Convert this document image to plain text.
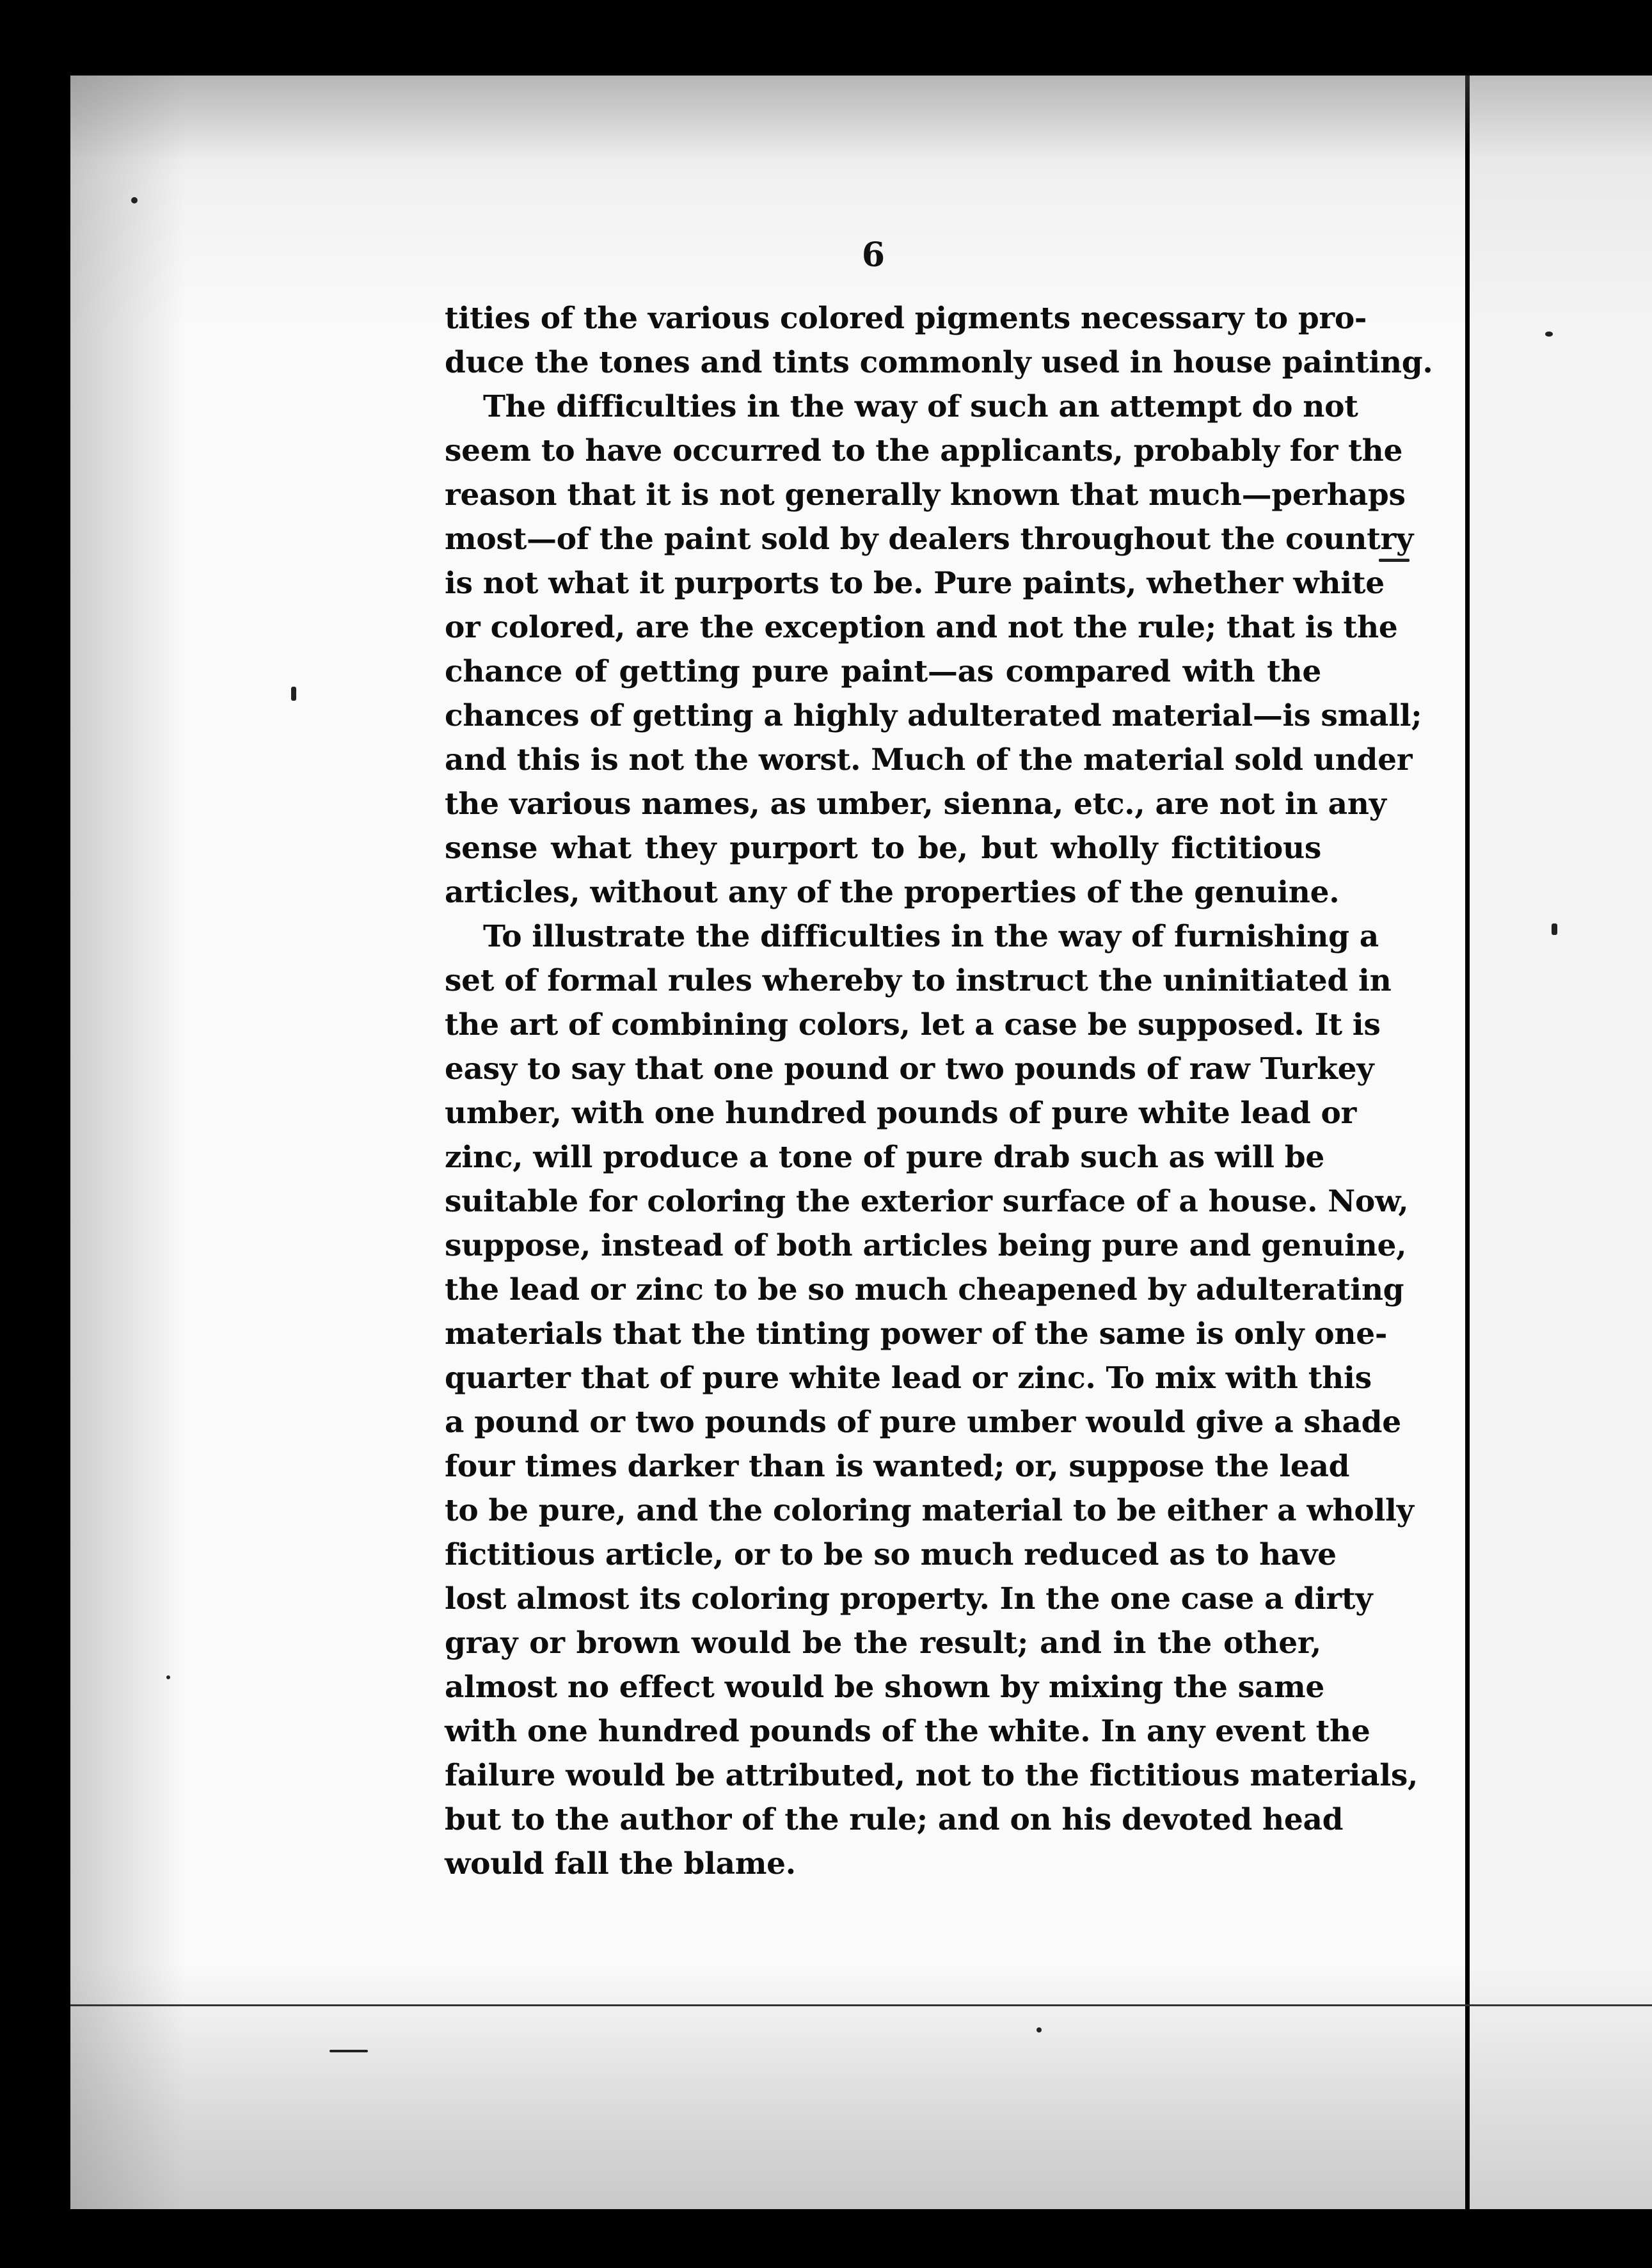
6
tities of the various colored pigments necessary to pro-
duce the tones and tints commonly used in house painting.
The difficulties in the way of such an attempt do not
seem to have occurred to the applicants, probably for the
reason that it is not generally known that much—perhaps
most—of the paint sold by dealers throughout the country
is not what it purports to be. Pure paints, whether white
or colored, are the exception and not the rule; that is the
chance of getting pure paint—as compared with the
chances of getting a highly adulterated material—is small;
and this is not the worst. Much of the material sold under
the various names, as umber, sienna, etc., are not in any
sense what they purport to be, but wholly fictitious
articles, without any of the properties of the genuine.
To illustrate the difficulties in the way of furnishing a
set of formal rules whereby to instruct the uninitiated in
the art of combining colors, let a case be supposed. It is
easy to say that one pound or two pounds of raw Turkey
umber, with one hundred pounds of pure white lead or
zinc, will produce a tone of pure drab such as will be
suitable for coloring the exterior surface of a house. Now,
suppose, instead of both articles being pure and genuine,
the lead or zinc to be so much cheapened by adulterating
materials that the tinting power of the same is only one-
quarter that of pure white lead or zinc. To mix with this
a pound or two pounds of pure umber would give a shade
four times darker than is wanted; or, suppose the lead
to be pure, and the coloring material to be either a wholly
fictitious article, or to be so much reduced as to have
lost almost its coloring property. In the one case a dirty
gray or brown would be the result; and in the other,
almost no effect would be shown by mixing the same
with one hundred pounds of the white. In any event the
failure would be attributed, not to the fictitious materials,
but to the author of the rule; and on his devoted head
would fall the blame.
